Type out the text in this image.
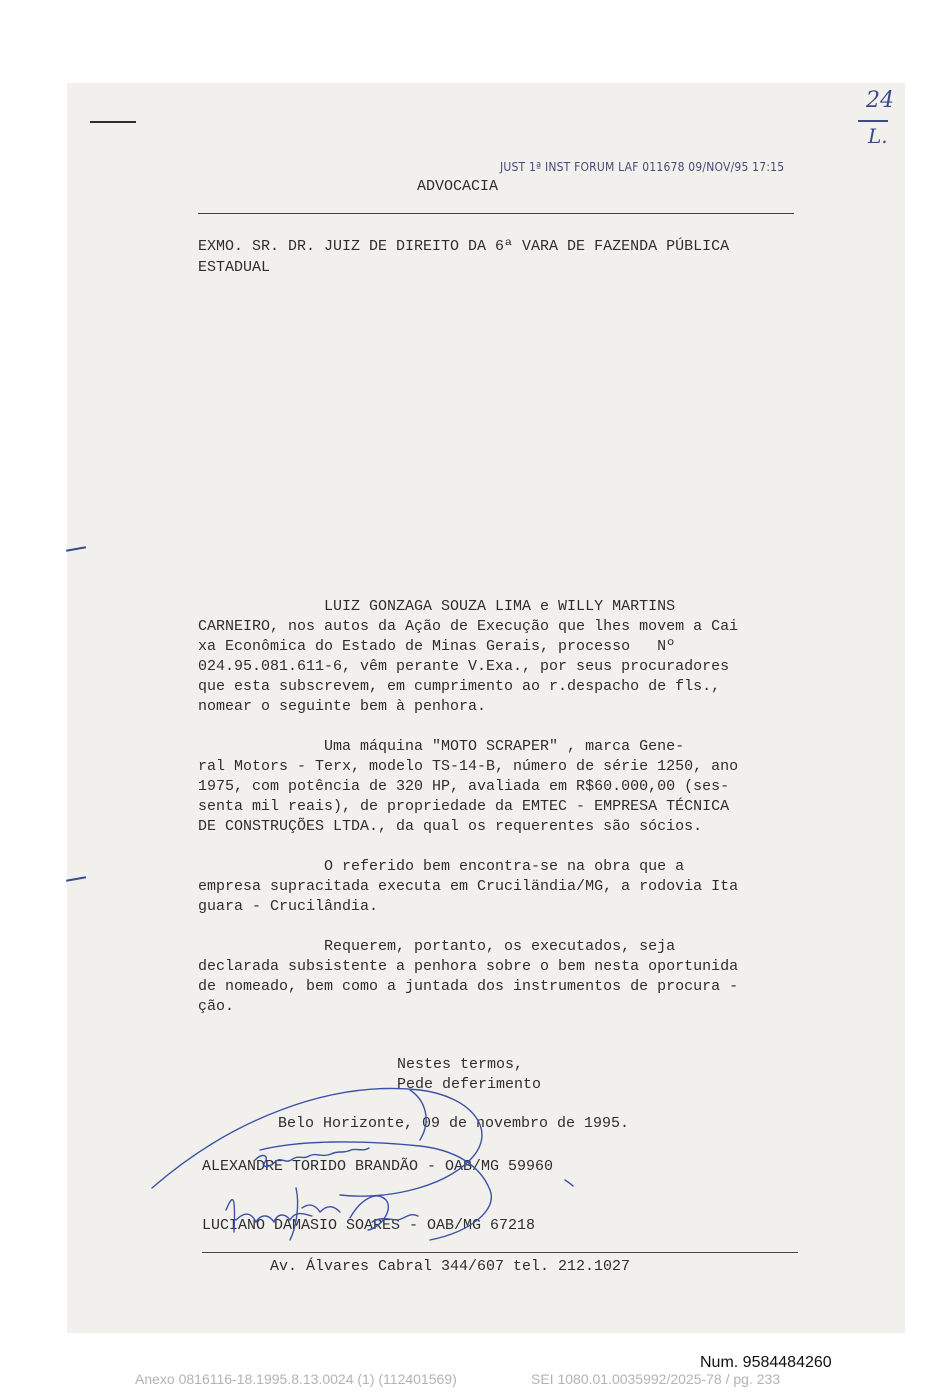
24
L.
JUST 1ª INST FORUM LAF 011678 09/NOV/95 17:15
ADVOCACIA
EXMO. SR. DR. JUIZ DE DIREITO DA 6ª VARA DE FAZENDA PÚBLICA
ESTADUAL
LUIZ GONZAGA SOUZA LIMA e WILLY MARTINS
CARNEIRO, nos autos da Ação de Execução que lhes movem a Cai
xa Econômica do Estado de Minas Gerais, processo   Nº
024.95.081.611-6, vêm perante V.Exa., por seus procuradores
que esta subscrevem, em cumprimento ao r.despacho de fls.,
nomear o seguinte bem à penhora.
Uma máquina "MOTO SCRAPER" , marca Gene-
ral Motors - Terx, modelo TS-14-B, número de série 1250, ano
1975, com potência de 320 HP, avaliada em R$60.000,00 (ses-
senta mil reais), de propriedade da EMTEC - EMPRESA TÉCNICA
DE CONSTRUÇÕES LTDA., da qual os requerentes são sócios.
O referido bem encontra-se na obra que a
empresa supracitada executa em Cruciländia/MG, a rodovia Ita
guara - Crucilândia.
Requerem, portanto, os executados, seja
declarada subsistente a penhora sobre o bem nesta oportunida
de nomeado, bem como a juntada dos instrumentos de procura -
ção.
Nestes termos,
Pede deferimento
Belo Horizonte, 09 de novembro de 1995.
ALEXANDRE TORIDO BRANDÃO - OAB/MG 59960
LUCIANO DAMASIO SOARES - OAB/MG 67218
Av. Álvares Cabral 344/607 tel. 212.1027
Num. 9584484260
Anexo 0816116-18.1995.8.13.0024 (1) (112401569)	SEI 1080.01.0035992/2025-78 / pg. 233
